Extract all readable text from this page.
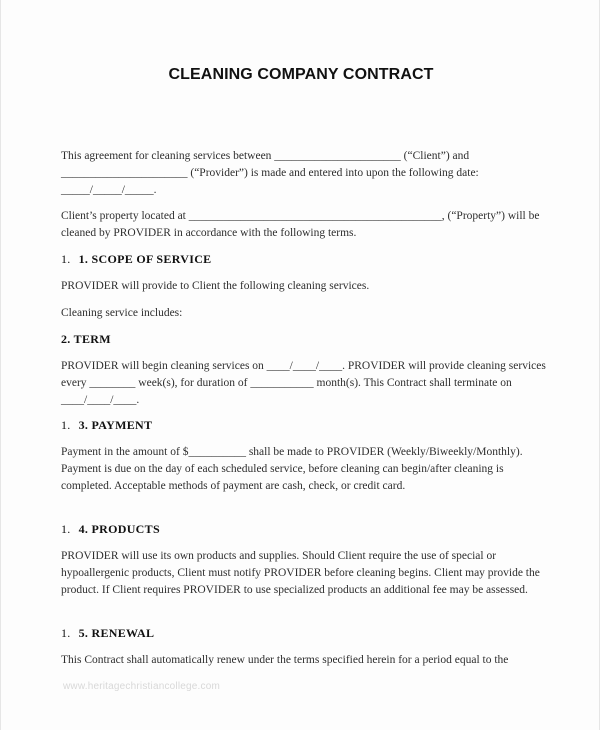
CLEANING COMPANY CONTRACT

This agreement for cleaning services between ______________________ (“Client”) and ______________________ (“Provider”) is made and entered into upon the following date: _____/_____/_____.

Client’s property located at ____________________________________________, (“Property”) will be cleaned by PROVIDER in accordance with the following terms.

1. 1. SCOPE OF SERVICE

PROVIDER will provide to Client the following cleaning services.

Cleaning service includes:

2. TERM

PROVIDER will begin cleaning services on ____/____/____. PROVIDER will provide cleaning services every ________ week(s), for duration of ___________ month(s). This Contract shall terminate on ____/____/____.

1. 3. PAYMENT

Payment in the amount of $__________ shall be made to PROVIDER (Weekly/Biweekly/Monthly). Payment is due on the day of each scheduled service, before cleaning can begin/after cleaning is completed. Acceptable methods of payment are cash, check, or credit card.

1. 4. PRODUCTS

PROVIDER will use its own products and supplies. Should Client require the use of special or hypoallergenic products, Client must notify PROVIDER before cleaning begins. Client may provide the product. If Client requires PROVIDER to use specialized products an additional fee may be assessed.

1. 5. RENEWAL

This Contract shall automatically renew under the terms specified herein for a period equal to the

www.heritagechristiancollege.com
